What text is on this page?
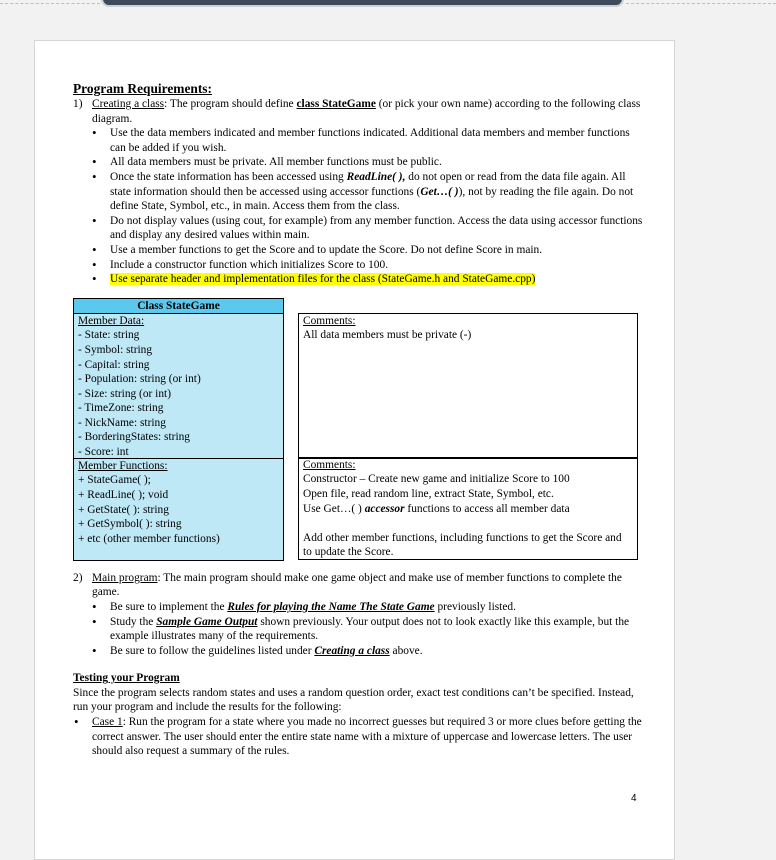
Program Requirements:
1) Creating a class: The program should define class StateGame (or pick your own name) according to the following class diagram.
• Use the data members indicated and member functions indicated. Additional data members and member functions can be added if you wish.
• All data members must be private. All member functions must be public.
• Once the state information has been accessed using ReadLine( ), do not open or read from the data file again. All state information should then be accessed using accessor functions (Get…( )), not by reading the file again. Do not define State, Symbol, etc., in main. Access them from the class.
• Do not display values (using cout, for example) from any member function. Access the data using accessor functions and display any desired values within main.
• Use a member functions to get the Score and to update the Score. Do not define Score in main.
• Include a constructor function which initializes Score to 100.
• Use separate header and implementation files for the class (StateGame.h and StateGame.cpp)
Class StateGame
Member Data:
- State: string
- Symbol: string
- Capital: string
- Population: string (or int)
- Size: string (or int)
- TimeZone: string
- NickName: string
- BorderingStates: string
- Score: int
Member Functions:
+ StateGame( );
+ ReadLine( ); void
+ GetState( ): string
+ GetSymbol( ): string
+ etc (other member functions)
Comments:
All data members must be private (-)
Comments:
Constructor – Create new game and initialize Score to 100
Open file, read random line, extract State, Symbol, etc.
Use Get…( ) accessor functions to access all member data
Add other member functions, including functions to get the Score and to update the Score.
2) Main program: The main program should make one game object and make use of member functions to complete the game.
• Be sure to implement the Rules for playing the Name The State Game previously listed.
• Study the Sample Game Output shown previously. Your output does not to look exactly like this example, but the example illustrates many of the requirements.
• Be sure to follow the guidelines listed under Creating a class above.
Testing your Program
Since the program selects random states and uses a random question order, exact test conditions can’t be specified. Instead, run your program and include the results for the following:
• Case 1: Run the program for a state where you made no incorrect guesses but required 3 or more clues before getting the correct answer. The user should enter the entire state name with a mixture of uppercase and lowercase letters. The user should also request a summary of the rules.
4
